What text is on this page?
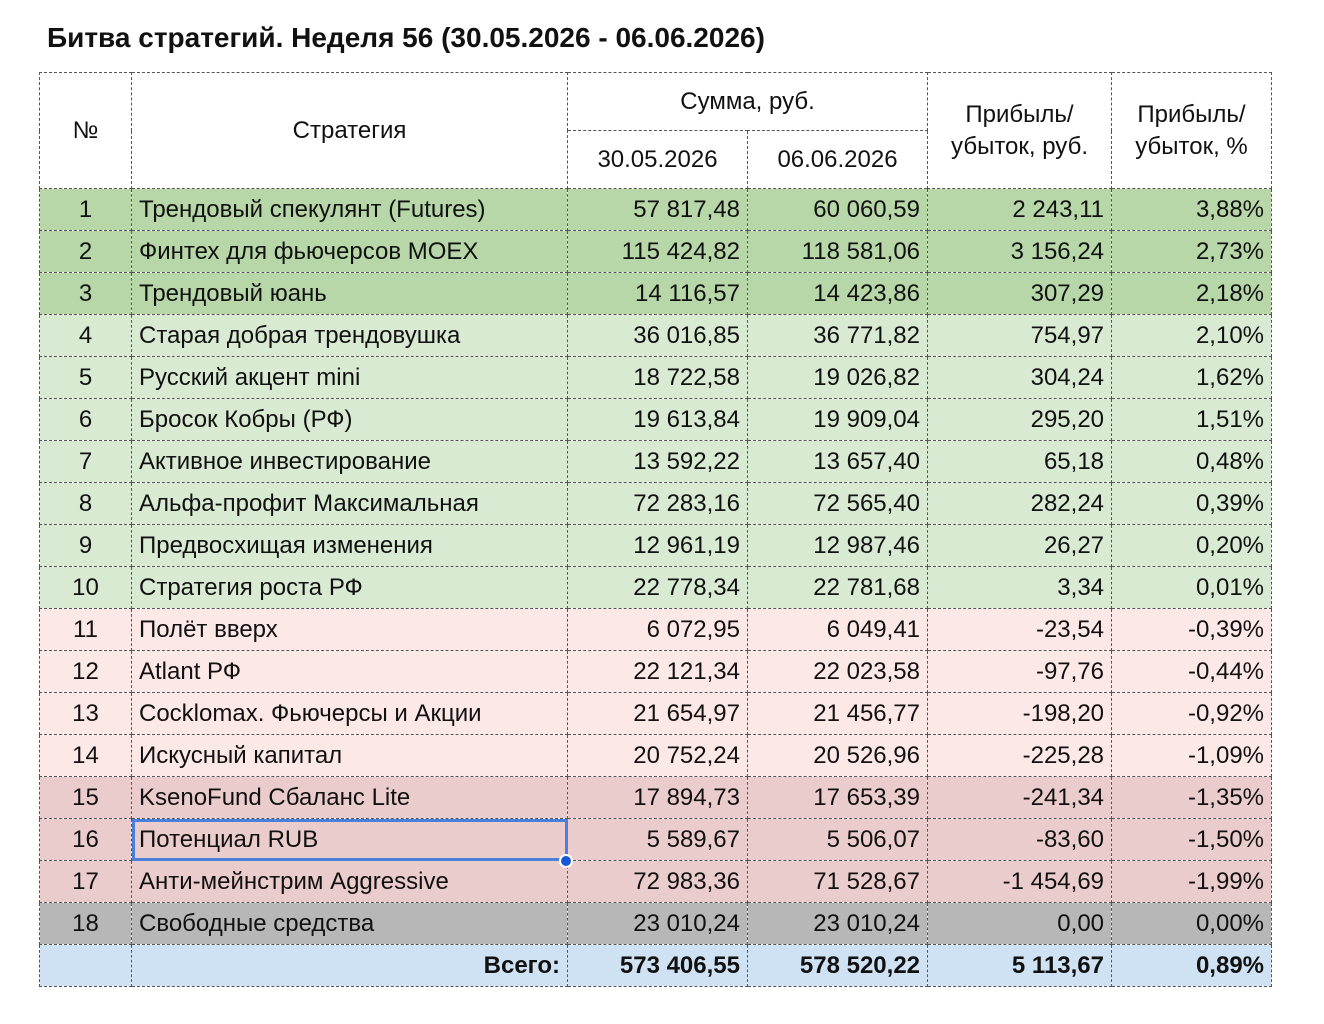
Битва стратегий. Неделя 56 (30.05.2026 - 06.06.2026)
№	Стратегия	Сумма, руб.		Прибыль/ убыток, руб.	Прибыль/ убыток, %
		30.05.2026	06.06.2026		
1	Трендовый спекулянт (Futures)	57 817,48	60 060,59	2 243,11	3,88%
2	Финтех для фьючерсов MOEX	115 424,82	118 581,06	3 156,24	2,73%
3	Трендовый юань	14 116,57	14 423,86	307,29	2,18%
4	Старая добрая трендовушка	36 016,85	36 771,82	754,97	2,10%
5	Русский акцент mini	18 722,58	19 026,82	304,24	1,62%
6	Бросок Кобры (РФ)	19 613,84	19 909,04	295,20	1,51%
7	Активное инвестирование	13 592,22	13 657,40	65,18	0,48%
8	Альфа-профит Максимальная	72 283,16	72 565,40	282,24	0,39%
9	Предвосхищая изменения	12 961,19	12 987,46	26,27	0,20%
10	Стратегия роста РФ	22 778,34	22 781,68	3,34	0,01%
11	Полёт вверх	6 072,95	6 049,41	-23,54	-0,39%
12	Atlant РФ	22 121,34	22 023,58	-97,76	-0,44%
13	Cocklomax. Фьючерсы и Акции	21 654,97	21 456,77	-198,20	-0,92%
14	Искусный капитал	20 752,24	20 526,96	-225,28	-1,09%
15	KsenoFund Сбаланс Lite	17 894,73	17 653,39	-241,34	-1,35%
16	Потенциал RUB	5 589,67	5 506,07	-83,60	-1,50%
17	Анти-мейнстрим Aggressive	72 983,36	71 528,67	-1 454,69	-1,99%
18	Свободные средства	23 010,24	23 010,24	0,00	0,00%
	Всего:	573 406,55	578 520,22	5 113,67	0,89%
